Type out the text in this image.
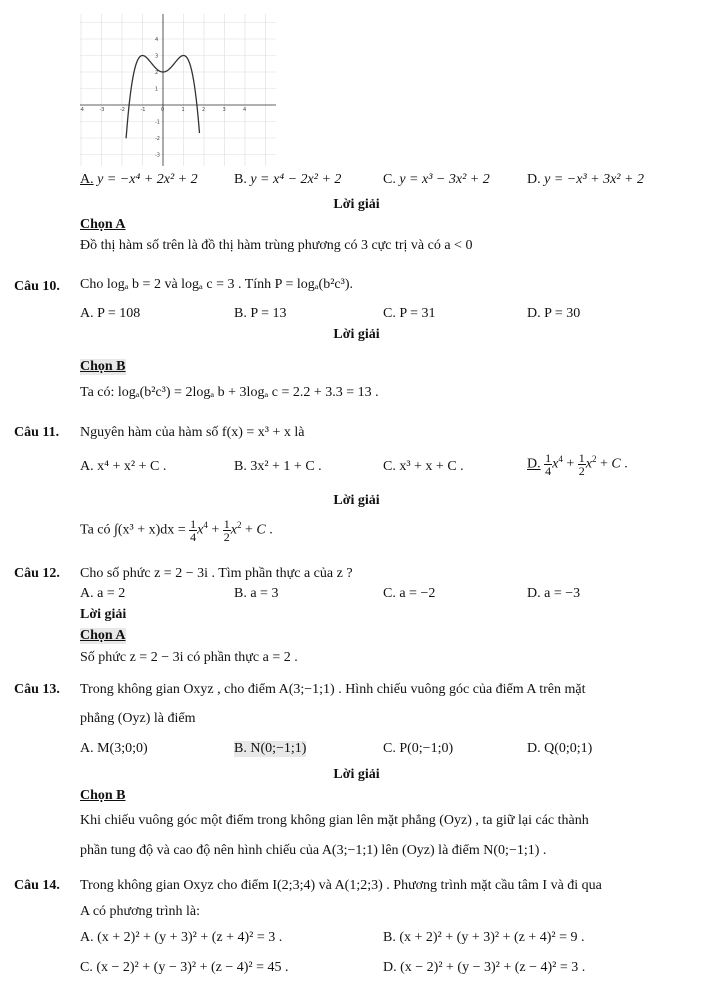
4	-3	-2	-1	0	1	2	3	4
4
3
2
1
-1
-2
-3
A. y = −x⁴ + 2x² + 2	B. y = x⁴ − 2x² + 2	C. y = x³ − 3x² + 2	D. y = −x³ + 3x² + 2
Lời giải
Chọn A
Đồ thị hàm số trên là đồ thị hàm trùng phương có 3 cực trị và có a < 0
Câu 10. Cho logₐ b = 2 và logₐ c = 3 . Tính P = logₐ(b²c³).
A. P = 108	B. P = 13	C. P = 31	D. P = 30
Lời giải
Chọn B
Ta có: logₐ(b²c³) = 2logₐ b + 3logₐ c = 2.2 + 3.3 = 13 .
Câu 11. Nguyên hàm của hàm số f(x) = x³ + x là
A. x⁴ + x² + C .	B. 3x² + 1 + C .	C. x³ + x + C .	D. $\frac{1}{4} x^4 + \frac{1}{2} x^2 + C$ .
Lời giải
Ta có $\int(x^3 + x)dx = \frac{1}{4} x^4 + \frac{1}{2} x^2 + C$ .
Câu 12. Cho số phức z = 2 − 3i . Tìm phần thực a của z ?
A. a = 2	B. a = 3	C. a = −2	D. a = −3
Lời giải
Chọn A
Số phức z = 2 − 3i có phần thực a = 2 .
Câu 13. Trong không gian Oxyz , cho điểm A(3;−1;1) . Hình chiếu vuông góc của điểm A trên mặt
phẳng (Oyz) là điểm
A. M(3;0;0)	B. N(0;−1;1)	C. P(0;−1;0)	D. Q(0;0;1)
Lời giải
Chọn B
Khi chiếu vuông góc một điểm trong không gian lên mặt phẳng (Oyz) , ta giữ lại các thành
phần tung độ và cao độ nên hình chiếu của A(3;−1;1) lên (Oyz) là điểm N(0;−1;1) .
Câu 14. Trong không gian Oxyz cho điểm I(2;3;4) và A(1;2;3) . Phương trình mặt cầu tâm I và đi qua
A có phương trình là:
A. (x + 2)² + (y + 3)² + (z + 4)² = 3 .	B. (x + 2)² + (y + 3)² + (z + 4)² = 9 .
C. (x − 2)² + (y − 3)² + (z − 4)² = 45 .	D. (x − 2)² + (y − 3)² + (z − 4)² = 3 .
